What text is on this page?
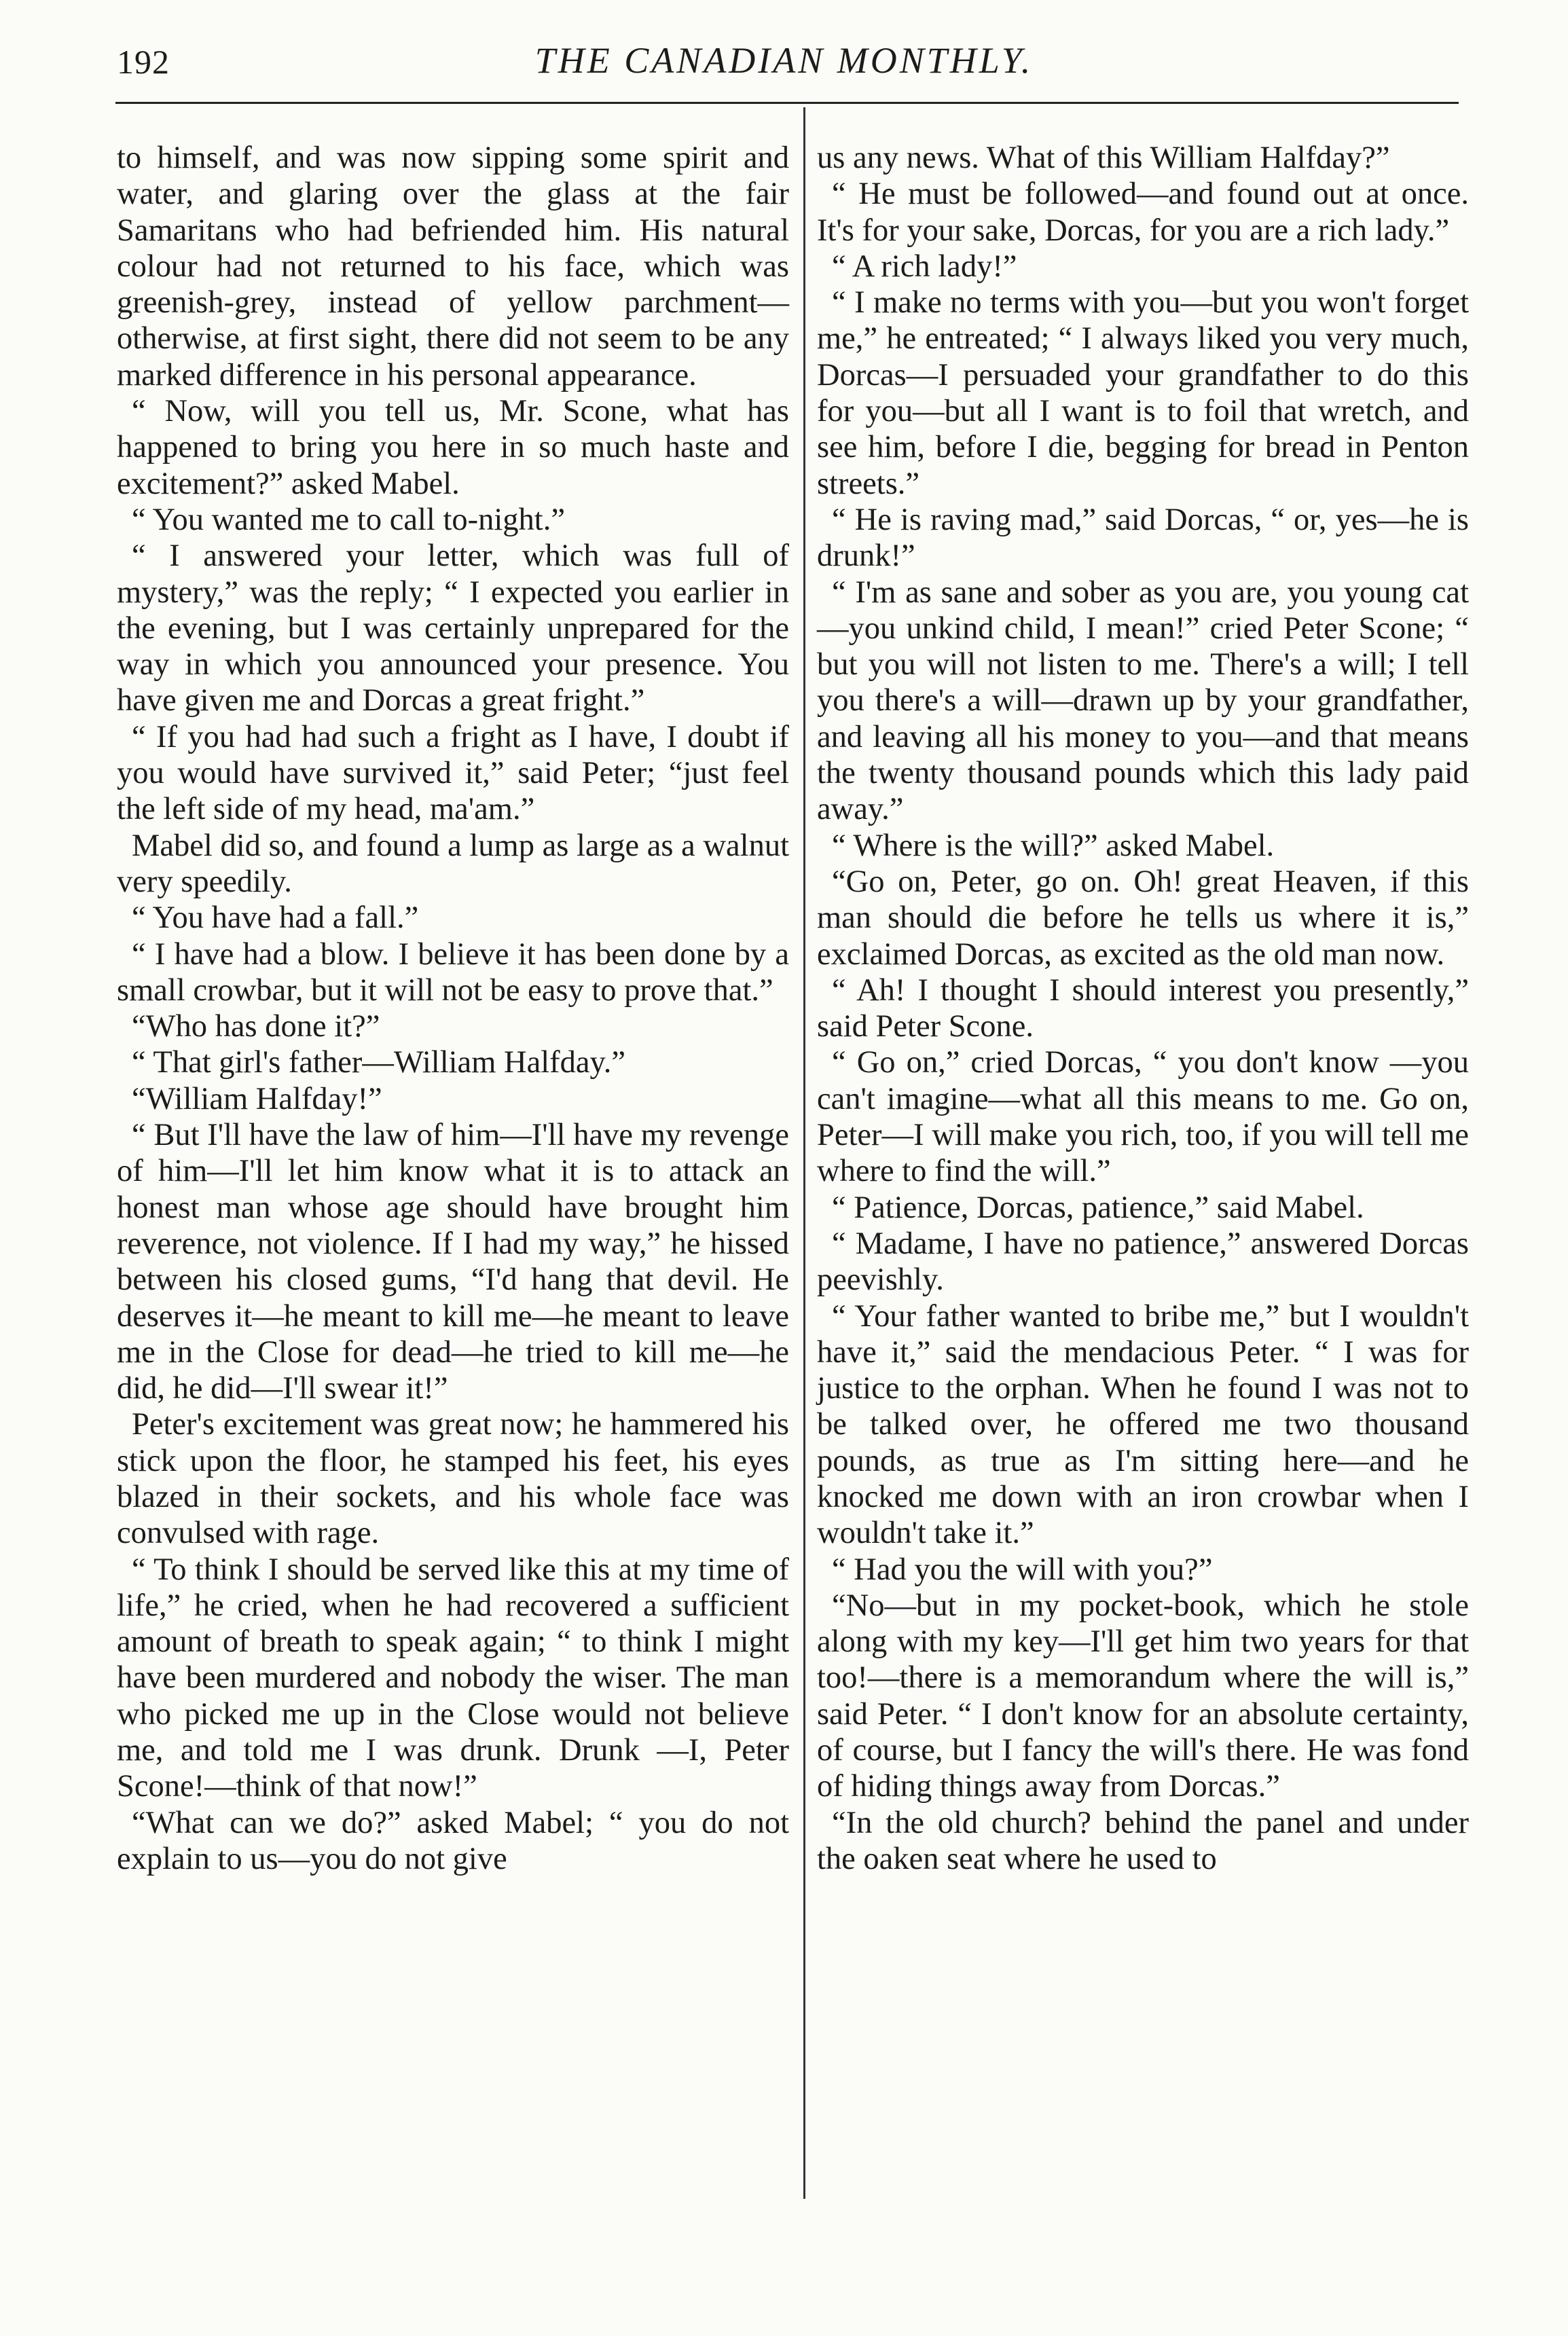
192	THE CANADIAN MONTHLY.

to himself, and was now sipping some spirit and water, and glaring over the glass at the fair Samaritans who had befriended him. His natural colour had not returned to his face, which was greenish-grey, instead of yellow parchment—otherwise, at first sight, there did not seem to be any marked difference in his personal appearance.

“ Now, will you tell us, Mr. Scone, what has happened to bring you here in so much haste and excitement?” asked Mabel.

“ You wanted me to call to-night.”

“ I answered your letter, which was full of mystery,” was the reply; “ I expected you earlier in the evening, but I was certainly unprepared for the way in which you announced your presence. You have given me and Dorcas a great fright.”

“ If you had had such a fright as I have, I doubt if you would have survived it,” said Peter; “just feel the left side of my head, ma'am.”

Mabel did so, and found a lump as large as a walnut very speedily.

“ You have had a fall.”

“ I have had a blow. I believe it has been done by a small crowbar, but it will not be easy to prove that.”

“Who has done it?”

“ That girl's father—William Halfday.”

“William Halfday!”

“ But I'll have the law of him—I'll have my revenge of him—I'll let him know what it is to attack an honest man whose age should have brought him reverence, not violence. If I had my way,” he hissed between his closed gums, “I'd hang that devil. He deserves it—he meant to kill me—he meant to leave me in the Close for dead—he tried to kill me—he did, he did—I'll swear it!”

Peter's excitement was great now; he hammered his stick upon the floor, he stamped his feet, his eyes blazed in their sockets, and his whole face was convulsed with rage.

“ To think I should be served like this at my time of life,” he cried, when he had recovered a sufficient amount of breath to speak again; “ to think I might have been murdered and nobody the wiser. The man who picked me up in the Close would not believe me, and told me I was drunk. Drunk —I, Peter Scone!—think of that now!”

“What can we do?” asked Mabel; “ you do not explain to us—you do not give

us any news. What of this William Halfday?”

“ He must be followed—and found out at once. It's for your sake, Dorcas, for you are a rich lady.”

“ A rich lady!”

“ I make no terms with you—but you won't forget me,” he entreated; “ I always liked you very much, Dorcas—I persuaded your grandfather to do this for you—but all I want is to foil that wretch, and see him, before I die, begging for bread in Penton streets.”

“ He is raving mad,” said Dorcas, “ or, yes—he is drunk!”

“ I'm as sane and sober as you are, you young cat—you unkind child, I mean!” cried Peter Scone; “ but you will not listen to me. There's a will; I tell you there's a will—drawn up by your grandfather, and leaving all his money to you—and that means the twenty thousand pounds which this lady paid away.”

“ Where is the will?” asked Mabel.

“Go on, Peter, go on. Oh! great Heaven, if this man should die before he tells us where it is,” exclaimed Dorcas, as excited as the old man now.

“ Ah! I thought I should interest you presently,” said Peter Scone.

“ Go on,” cried Dorcas, “ you don't know —you can't imagine—what all this means to me. Go on, Peter—I will make you rich, too, if you will tell me where to find the will.”

“ Patience, Dorcas, patience,” said Mabel.

“ Madame, I have no patience,” answered Dorcas peevishly.

“ Your father wanted to bribe me,” but I wouldn't have it,” said the mendacious Peter. “ I was for justice to the orphan. When he found I was not to be talked over, he offered me two thousand pounds, as true as I'm sitting here—and he knocked me down with an iron crowbar when I wouldn't take it.”

“ Had you the will with you?”

“No—but in my pocket-book, which he stole along with my key—I'll get him two years for that too!—there is a memorandum where the will is,” said Peter. “ I don't know for an absolute certainty, of course, but I fancy the will's there. He was fond of hiding things away from Dorcas.”

“In the old church? behind the panel and under the oaken seat where he used to
